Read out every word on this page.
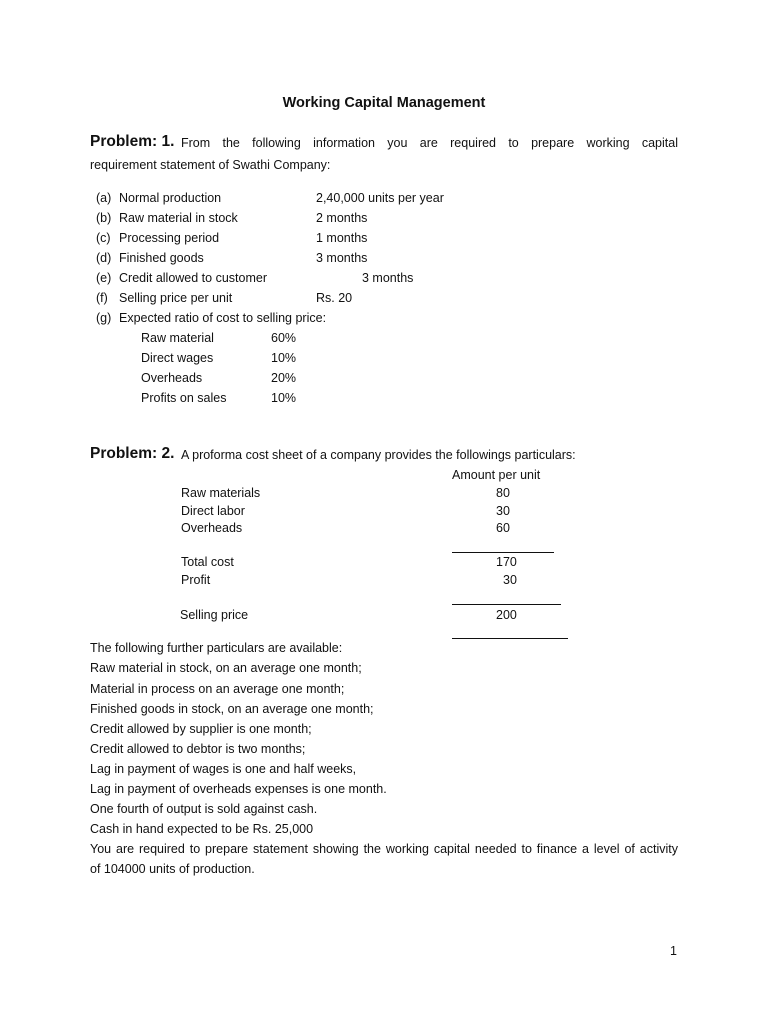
Working Capital Management
Problem: 1. From the following information you are required to prepare working capital
requirement statement of Swathi Company:
(a) Normal production	2,40,000 units per year
(b) Raw material in stock	2 months
(c) Processing period	1 months
(d) Finished goods	3 months
(e) Credit allowed to customer	3 months
(f) Selling price per unit	Rs. 20
(g) Expected ratio of cost to selling price:
Raw material	60%
Direct wages	10%
Overheads	20%
Profits on sales	10%
Problem: 2. A proforma cost sheet of a company provides the followings particulars:
Amount per unit
Raw materials	80
Direct labor	30
Overheads	60
Total cost	170
Profit	30
Selling price	200
The following further particulars are available:
Raw material in stock, on an average one month;
Material in process on an average one month;
Finished goods in stock, on an average one month;
Credit allowed by supplier is one month;
Credit allowed to debtor is two months;
Lag in payment of wages is one and half weeks,
Lag in payment of overheads expenses is one month.
One fourth of output is sold against cash.
Cash in hand expected to be Rs. 25,000
You are required to prepare statement showing the working capital needed to finance a level of activity
of 104000 units of production.
1
